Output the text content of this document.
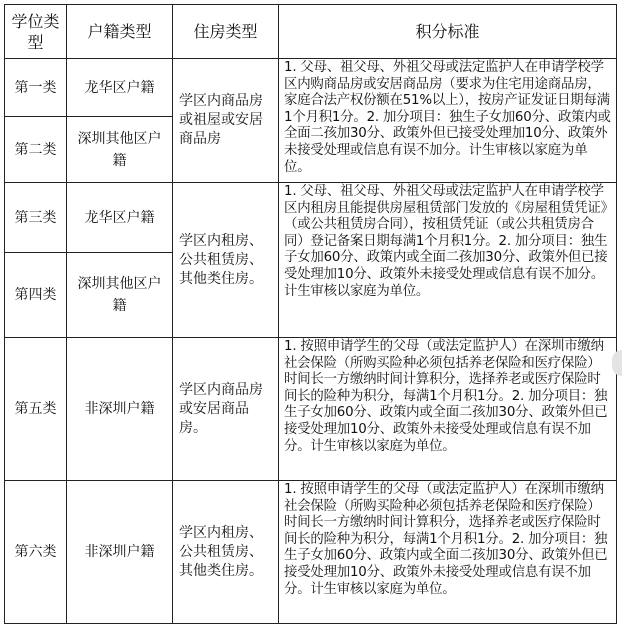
学位类型	户籍类型	住房类型	积分标准
第一类	龙华区户籍	学区内商品房或祖屋或安居商品房	1. 父母、祖父母、外祖父母或法定监护人在申请学校学区内购商品房或安居商品房（要求为住宅用途商品房，家庭合法产权份额在51%以上），按房产证发证日期每满1个月积1分。2. 加分项目：独生子女加60分、政策内或全面二孩加30分、政策外但已接受处理加10分、政策外未接受处理或信息有误不加分。计生审核以家庭为单位。
第二类	深圳其他区户籍		
第三类	龙华区户籍	学区内租房、公共租赁房、其他类住房。	1. 父母、祖父母、外祖父母或法定监护人在申请学校学区内租房且能提供房屋租赁部门发放的《房屋租赁凭证》（或公共租赁房合同），按租赁凭证（或公共租赁房合同）登记备案日期每满1个月积1分。2. 加分项目：独生子女加60分、政策内或全面二孩加30分、政策外但已接受处理加10分、政策外未接受处理或信息有误不加分。计生审核以家庭为单位。
第四类	深圳其他区户籍		
第五类	非深圳户籍	学区内商品房或安居商品房。	1. 按照申请学生的父母（或法定监护人）在深圳市缴纳社会保险（所购买险种必须包括养老保险和医疗保险）时间长一方缴纳时间计算积分，选择养老或医疗保险时间长的险种为积分，每满1个月积1分。2. 加分项目：独生子女加60分、政策内或全面二孩加30分、政策外但已接受处理加10分、政策外未接受处理或信息有误不加分。计生审核以家庭为单位。
第六类	非深圳户籍	学区内租房、公共租赁房、其他类住房。	1. 按照申请学生的父母（或法定监护人）在深圳市缴纳社会保险（所购买险种必须包括养老保险和医疗保险）时间长一方缴纳时间计算积分，选择养老或医疗保险时间长的险种为积分，每满1个月积1分。2. 加分项目：独生子女加60分、政策内或全面二孩加30分、政策外但已接受处理加10分、政策外未接受处理或信息有误不加分。计生审核以家庭为单位。
